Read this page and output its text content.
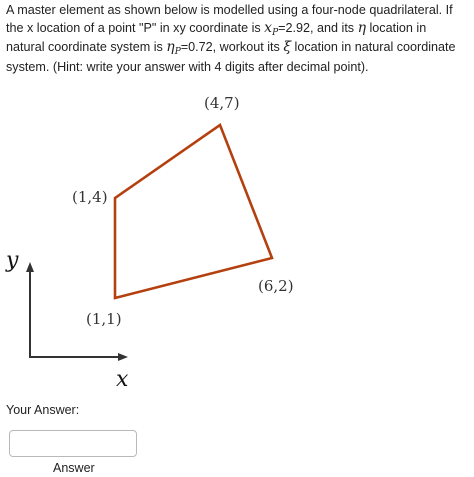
A master element as shown below is modelled using a four-node quadrilateral. If the x location of a point "P" in xy coordinate is $x_P=2.92$, and its η location in natural coordinate system is $\eta_P=0.72$, workout its ξ location in natural coordinate system. (Hint: write your answer with 4 digits after decimal point).
(4,7)
(1,4)
(6,2)
(1,1)
y
x
Your Answer:
Answer
